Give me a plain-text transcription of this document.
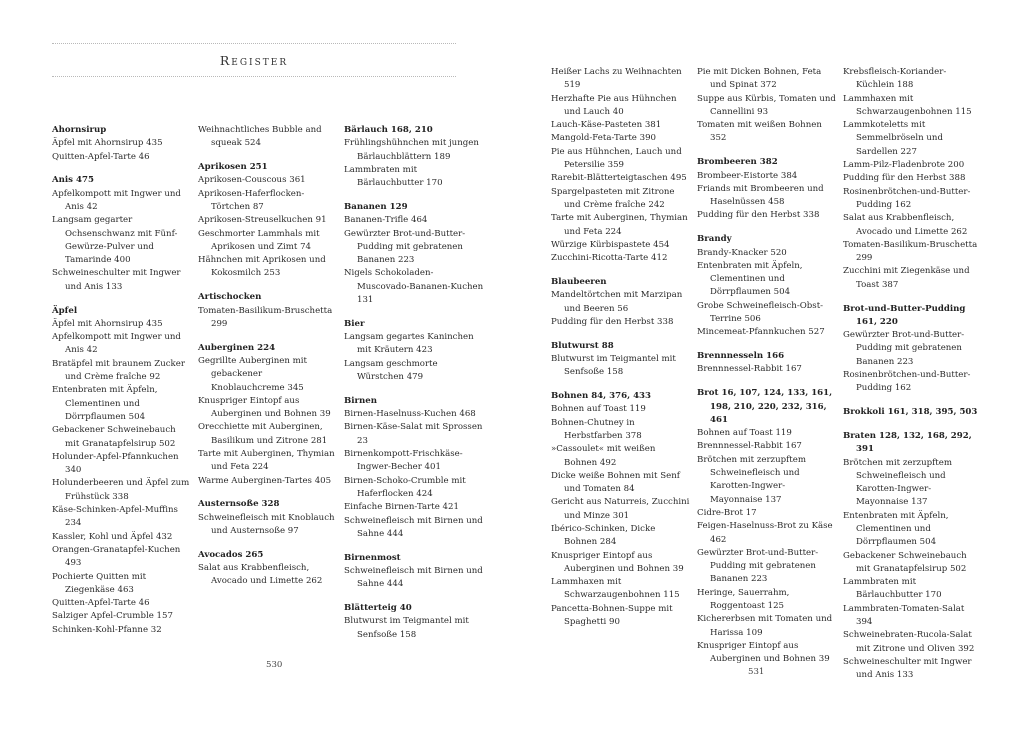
Register
Ahornsirup
Äpfel mit Ahornsirup 435
Quitten-Apfel-Tarte 46
Anis 475
Apfelkompott mit Ingwer und Anis 42
Langsam gegarter Ochsenschwanz mit Fünf-Gewürze-Pulver und Tamarinde 400
Schweineschulter mit Ingwer und Anis 133
Äpfel
Äpfel mit Ahornsirup 435
Apfelkompott mit Ingwer und Anis 42
Bratäpfel mit braunem Zucker und Crème fraîche 92
Entenbraten mit Äpfeln, Clementinen und Dörrpflaumen 504
Gebackener Schweinebauch mit Granatapfelsirup 502
Holunder-Apfel-Pfannkuchen 340
Holunderbeeren und Äpfel zum Frühstück 338
Käse-Schinken-Apfel-Muffins 234
Kassler, Kohl und Äpfel 432
Orangen-Granatapfel-Kuchen 493
Pochierte Quitten mit Ziegenkäse 463
Quitten-Apfel-Tarte 46
Salziger Apfel-Crumble 157
Schinken-Kohl-Pfanne 32
Weihnachtliches Bubble and squeak 524
Aprikosen 251
Aprikosen-Couscous 361
Aprikosen-Haferflocken-Törtchen 87
Aprikosen-Streuselkuchen 91
Geschmorter Lammhals mit Aprikosen und Zimt 74
Hähnchen mit Aprikosen und Kokosmilch 253
Artischocken
Tomaten-Basilikum-Bruschetta 299
Auberginen 224
Gegrillte Auberginen mit gebackener Knoblauchcreme 345
Knuspriger Eintopf aus Auberginen und Bohnen 39
Orecchiette mit Auberginen, Basilikum und Zitrone 281
Tarte mit Auberginen, Thymian und Feta 224
Warme Auberginen-Tartes 405
Austernsoße 328
Schweinefleisch mit Knoblauch und Austernsoße 97
Avocados 265
Salat aus Krabbenfleisch, Avocado und Limette 262
Bärlauch 168, 210
Frühlingshühnchen mit jungen Bärlauchblättern 189
Lammbraten mit Bärlauchbutter 170
Bananen 129
Bananen-Trifle 464
Gewürzter Brot-und-Butter-Pudding mit gebratenen Bananen 223
Nigels Schokoladen-Muscovado-Bananen-Kuchen 131
Bier
Langsam gegartes Kaninchen mit Kräutern 423
Langsam geschmorte Würstchen 479
Birnen
Birnen-Haselnuss-Kuchen 468
Birnen-Käse-Salat mit Sprossen 23
Birnenkompott-Frischkäse-Ingwer-Becher 401
Birnen-Schoko-Crumble mit Haferflocken 424
Einfache Birnen-Tarte 421
Schweinefleisch mit Birnen und Sahne 444
Birnenmost
Schweinefleisch mit Birnen und Sahne 444
Blätterteig 40
Blutwurst im Teigmantel mit Senfsoße 158
Heißer Lachs zu Weihnachten 519
Herzhafte Pie aus Hühnchen und Lauch 40
Lauch-Käse-Pasteten 381
Mangold-Feta-Tarte 390
Pie aus Hühnchen, Lauch und Petersilie 359
Rarebit-Blätterteigtaschen 495
Spargelpasteten mit Zitrone und Crème fraîche 242
Tarte mit Auberginen, Thymian und Feta 224
Würzige Kürbispastete 454
Zucchini-Ricotta-Tarte 412
Blaubeeren
Mandeltörtchen mit Marzipan und Beeren 56
Pudding für den Herbst 338
Blutwurst 88
Blutwurst im Teigmantel mit Senfsoße 158
Bohnen 84, 376, 433
Bohnen auf Toast 119
Bohnen-Chutney in Herbstfarben 378
»Cassoulet« mit weißen Bohnen 492
Dicke weiße Bohnen mit Senf und Tomaten 84
Gericht aus Naturreis, Zucchini und Minze 301
Ibérico-Schinken, Dicke Bohnen 284
Knuspriger Eintopf aus Auberginen und Bohnen 39
Lammhaxen mit Schwarzaugenbohnen 115
Pancetta-Bohnen-Suppe mit Spaghetti 90
Pie mit Dicken Bohnen, Feta und Spinat 372
Suppe aus Kürbis, Tomaten und Cannellini 93
Tomaten mit weißen Bohnen 352
Brombeeren 382
Brombeer-Eistorte 384
Friands mit Brombeeren und Haselnüssen 458
Pudding für den Herbst 338
Brandy
Brandy-Knacker 520
Entenbraten mit Äpfeln, Clementinen und Dörrpflaumen 504
Grobe Schweinefleisch-Obst-Terrine 506
Mincemeat-Pfannkuchen 527
Brennnesseln 166
Brennnessel-Rabbit 167
Brot 16, 107, 124, 133, 161, 198, 210, 220, 232, 316, 461
Bohnen auf Toast 119
Brennnessel-Rabbit 167
Brötchen mit zerzupftem Schweinefleisch und Karotten-Ingwer-Mayonnaise 137
Cidre-Brot 17
Feigen-Haselnuss-Brot zu Käse 462
Gewürzter Brot-und-Butter-Pudding mit gebratenen Bananen 223
Heringe, Sauerrahm, Roggentoast 125
Kichererbsen mit Tomaten und Harissa 109
Knuspriger Eintopf aus Auberginen und Bohnen 39
Krebsfleisch-Koriander-Küchlein 188
Lammhaxen mit Schwarzaugenbohnen 115
Lammkoteletts mit Semmelbröseln und Sardellen 227
Lamm-Pilz-Fladenbrote 200
Pudding für den Herbst 388
Rosinenbrötchen-und-Butter-Pudding 162
Salat aus Krabbenfleisch, Avocado und Limette 262
Tomaten-Basilikum-Bruschetta 299
Zucchini mit Ziegenkäse und Toast 387
Brot-und-Butter-Pudding 161, 220
Gewürzter Brot-und-Butter-Pudding mit gebratenen Bananen 223
Rosinenbrötchen-und-Butter-Pudding 162
Brokkoli 161, 318, 395, 503
Braten 128, 132, 168, 292, 391
Brötchen mit zerzupftem Schweinefleisch und Karotten-Ingwer-Mayonnaise 137
Entenbraten mit Äpfeln, Clementinen und Dörrpflaumen 504
Gebackener Schweinebauch mit Granatapfelsirup 502
Lammbraten mit Bärlauchbutter 170
Lammbraten-Tomaten-Salat 394
Schweinebraten-Rucola-Salat mit Zitrone und Oliven 392
Schweineschulter mit Ingwer und Anis 133
530
531
